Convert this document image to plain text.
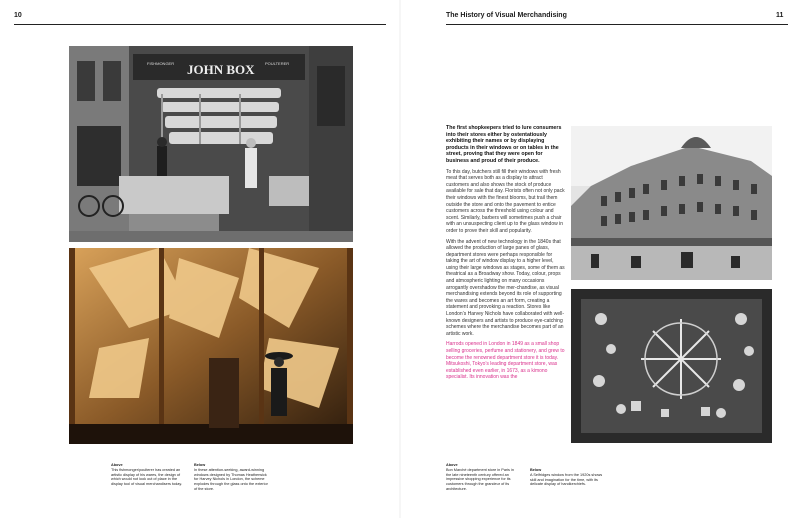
10	The History of Visual Merchandising	11
FISHMONGER JOHN BOX	POULTERER
Above
This fishmonger/poulterer has created an artistic display of his wares, the design of which would not look out of place in the display tool of visual merchandisers today.
Below
In these attention-seeking, award-winning windows designed by Thomas Heatherwick for Harvey Nichols in London, the scheme explodes through the glass onto the exterior of the store.

The first shopkeepers tried to lure consumers into their stores either by ostentatiously exhibiting their names or by displaying products in their windows or on tables in the street, proving that they were open for business and proud of their produce.

To this day, butchers still fill their windows with fresh meat that serves both as a display to attract customers and also shows the stock of produce available for sale that day. Florists often not only pack their windows with the finest blooms, but trail them outside the store and onto the pavement to entice customers across the threshold using colour and scent. Similarly, barbers will sometimes push a chair with an unsuspecting client up to the glass window in order to prove their skill and popularity.

With the advent of new technology in the 1840s that allowed the production of large panes of glass, department stores were perhaps responsible for taking the art of window display to a higher level, using their large windows as stages, some of them as theatrical as a Broadway show. Today, colour, props and atmospheric lighting on many occasions arrogantly overshadow the mer-chandise, as visual merchandising extends beyond its role of supporting the wares and becomes an art form, creating a statement and provoking a reaction. Stores like London’s Harvey Nichols have collaborated with well-known designers and artists to produce eye-catching schemes where the merchandise becomes part of an artistic work.

Harrods opened in London in 1849 as a small shop selling groceries, perfume and stationery, and grew to become the renowned department store it is today. Mitsukoshi, Tokyo’s leading department store, was established even earlier, in 1673, as a kimono specialist. Its innovation was the

Above
Bon Marché department store in Paris in the late nineteenth century offered an impressive shopping experience for its customers through the grandeur of its architecture.
Below
A Selfridges window from the 1920s shows skill and imagination for the time, with its delicate display of handkerchiefs.
